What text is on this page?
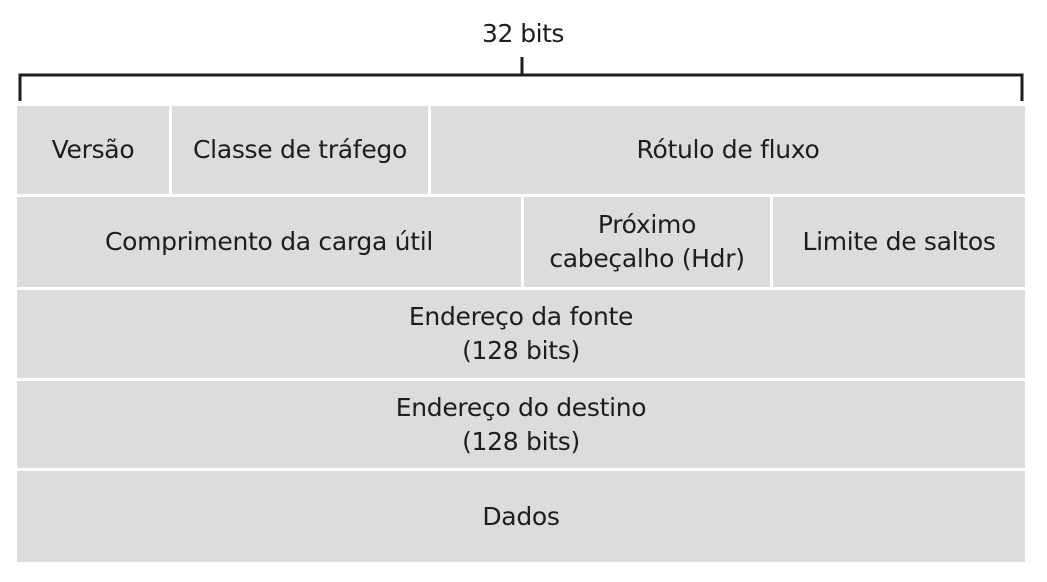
32 bits
Versão Classe de tráfego	Rótulo de fluxo
Comprimento da carga útil
Próximo
cabeçalho (Hdr)
Limite de saltos
Endereço da fonte
(128 bits)
Endereço do destino
(128 bits)
Dados
